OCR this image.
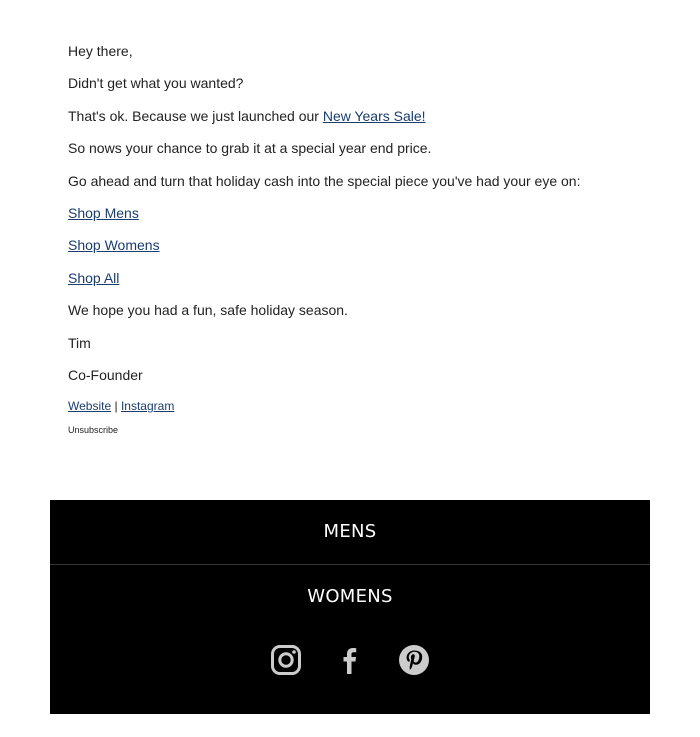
Hey there,

Didn't get what you wanted?

That's ok. Because we just launched our New Years Sale!

So nows your chance to grab it at a special year end price.

Go ahead and turn that holiday cash into the special piece you've had your eye on:

Shop Mens

Shop Womens

Shop All

We hope you had a fun, safe holiday season.

Tim

Co-Founder

Website | Instagram

Unsubscribe

MENS
WOMENS
